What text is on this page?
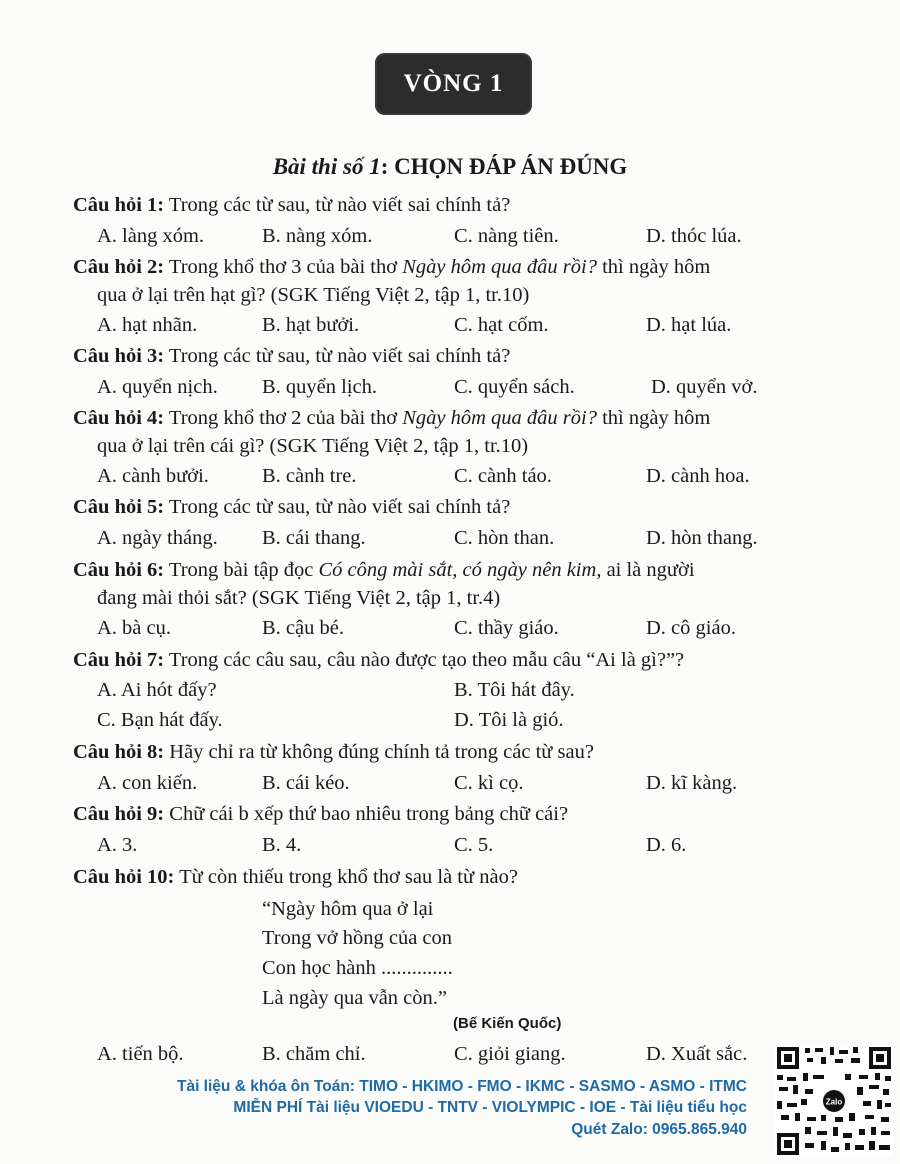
VÒNG 1
Bài thi số 1: CHỌN ĐÁP ÁN ĐÚNG
Câu hỏi 1: Trong các từ sau, từ nào viết sai chính tả?
A. làng xóm.	B. nàng xóm.	C. nàng tiên.	D. thóc lúa.
Câu hỏi 2: Trong khổ thơ 3 của bài thơ Ngày hôm qua đâu rồi? thì ngày hôm
qua ở lại trên hạt gì? (SGK Tiếng Việt 2, tập 1, tr.10)
A. hạt nhãn.	B. hạt bưởi.	C. hạt cốm.	D. hạt lúa.
Câu hỏi 3: Trong các từ sau, từ nào viết sai chính tả?
A. quyển nịch. B. quyển lịch.	C. quyển sách.	D. quyển vở.
Câu hỏi 4: Trong khổ thơ 2 của bài thơ Ngày hôm qua đâu rồi? thì ngày hôm
qua ở lại trên cái gì? (SGK Tiếng Việt 2, tập 1, tr.10)
A. cành bưởi.	B. cành tre.	C. cành táo.	D. cành hoa.
Câu hỏi 5: Trong các từ sau, từ nào viết sai chính tả?
A. ngày tháng. B. cái thang.	C. hòn than.	D. hòn thang.
Câu hỏi 6: Trong bài tập đọc Có công mài sắt, có ngày nên kim, ai là người
đang mài thỏi sắt? (SGK Tiếng Việt 2, tập 1, tr.4)
A. bà cụ.	B. cậu bé.	C. thầy giáo.	D. cô giáo.
Câu hỏi 7: Trong các câu sau, câu nào được tạo theo mẫu câu “Ai là gì?”?
A. Ai hót đấy?	B. Tôi hát đây.
C. Bạn hát đấy.	D. Tôi là gió.
Câu hỏi 8: Hãy chỉ ra từ không đúng chính tả trong các từ sau?
A. con kiến.	B. cái kéo.	C. kì cọ.	D. kĩ kàng.
Câu hỏi 9: Chữ cái b xếp thứ bao nhiêu trong bảng chữ cái?
A. 3.	B. 4.	C. 5.	D. 6.
Câu hỏi 10: Từ còn thiếu trong khổ thơ sau là từ nào?
“Ngày hôm qua ở lại
Trong vở hồng của con
Con học hành ..............
Là ngày qua vẫn còn.”
(Bế Kiến Quốc)
A. tiến bộ.	B. chăm chỉ.	C. giỏi giang.	D. Xuất sắc.
Tài liệu & khóa ôn Toán: TIMO - HKIMO - FMO - IKMC - SASMO - ASMO - ITMC
MIỄN PHÍ Tài liệu VIOEDU - TNTV - VIOLYMPIC - IOE - Tài liệu tiểu học
Quét Zalo: 0965.865.940
Zalo
